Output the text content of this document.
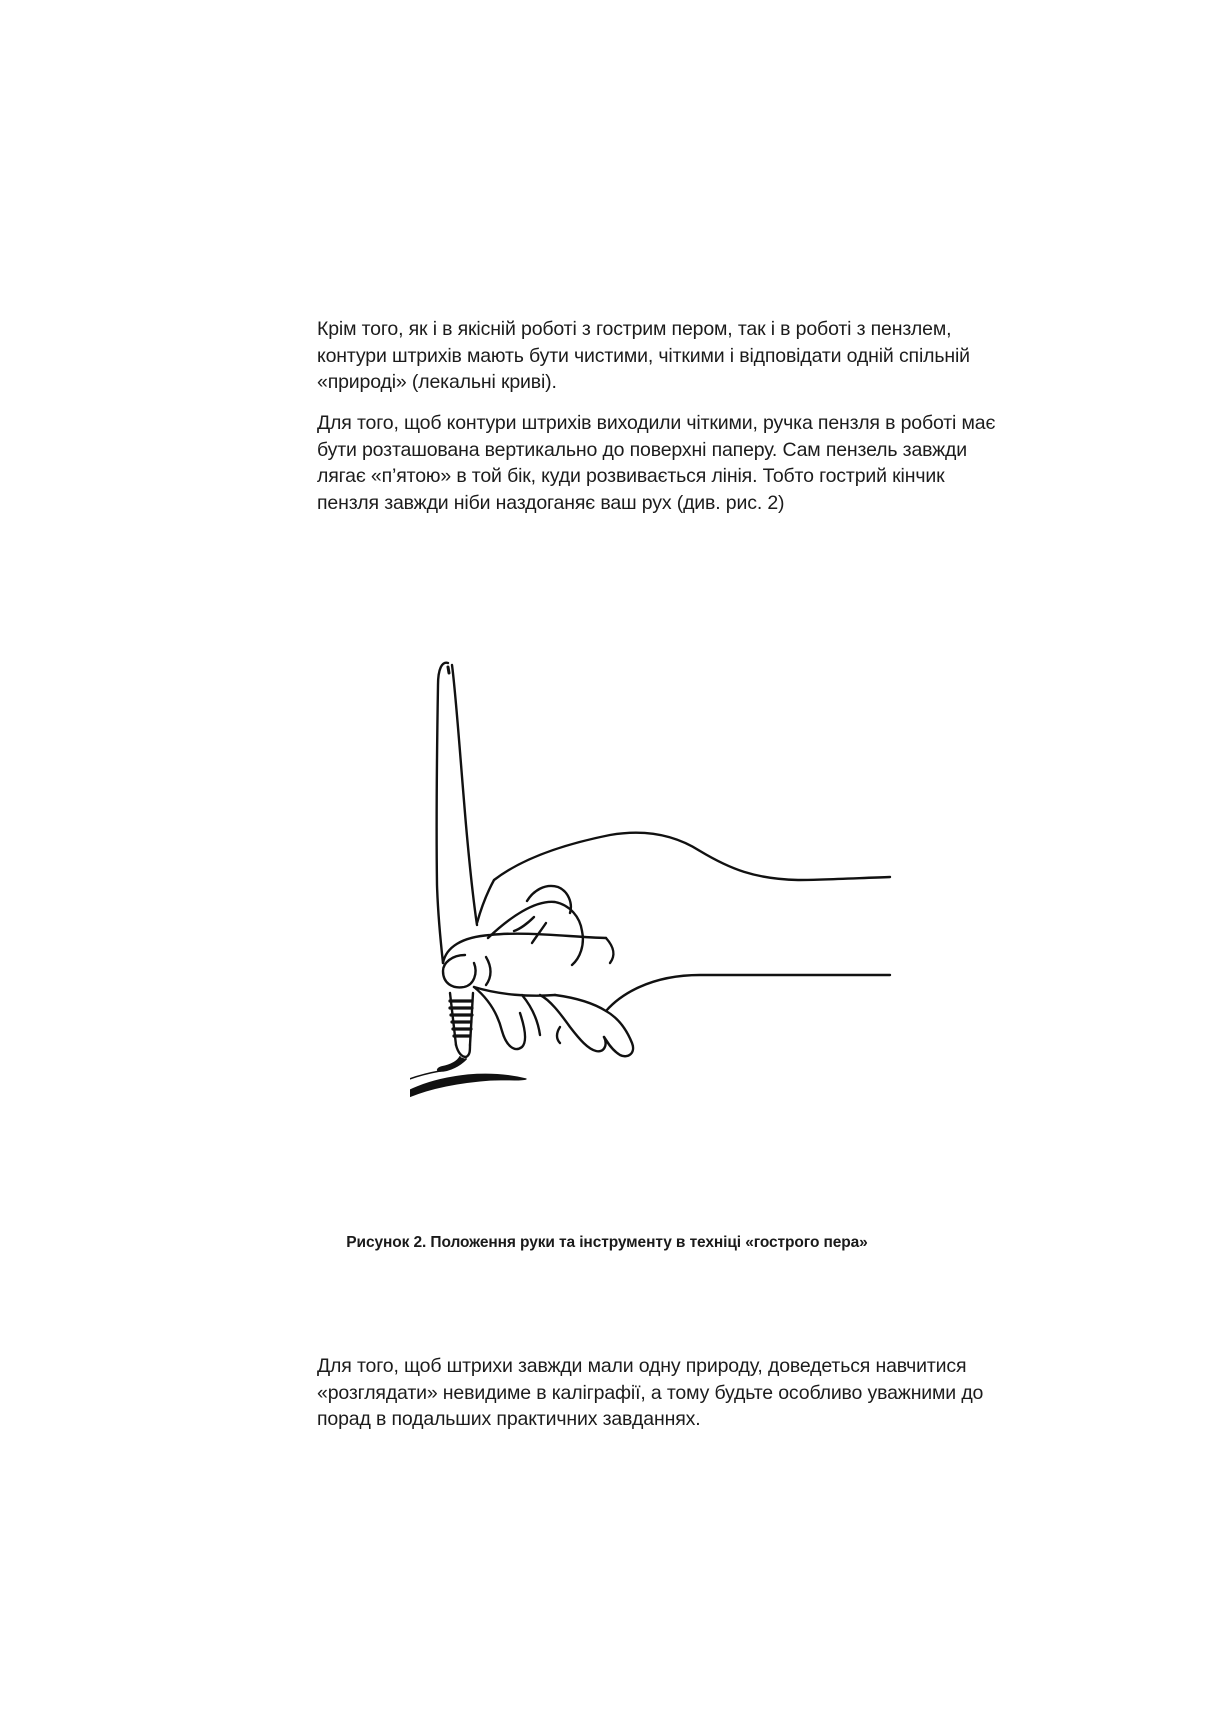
Крім того, як і в якісній роботі з гострим пером, так і в роботі з пензлем, контури штрихів мають бути чистими, чіткими і відповідати одній спільній «природі» (лекальні криві).

Для того, щоб контури штрихів виходили чіткими, ручка пензля в роботі має бути розташована вертикально до поверхні паперу. Сам пензель завжди лягає «п’ятою» в той бік, куди розвивається лінія. Тобто гострий кінчик пензля завжди ніби наздоганяє ваш рух (див. рис. 2)

Рисунок 2. Положення руки та інструменту в техніці «гострого пера»

Для того, щоб штрихи завжди мали одну природу, доведеться навчитися «розглядати» невидиме в каліграфії, а тому будьте особливо уважними до порад в подальших практичних завданнях.
